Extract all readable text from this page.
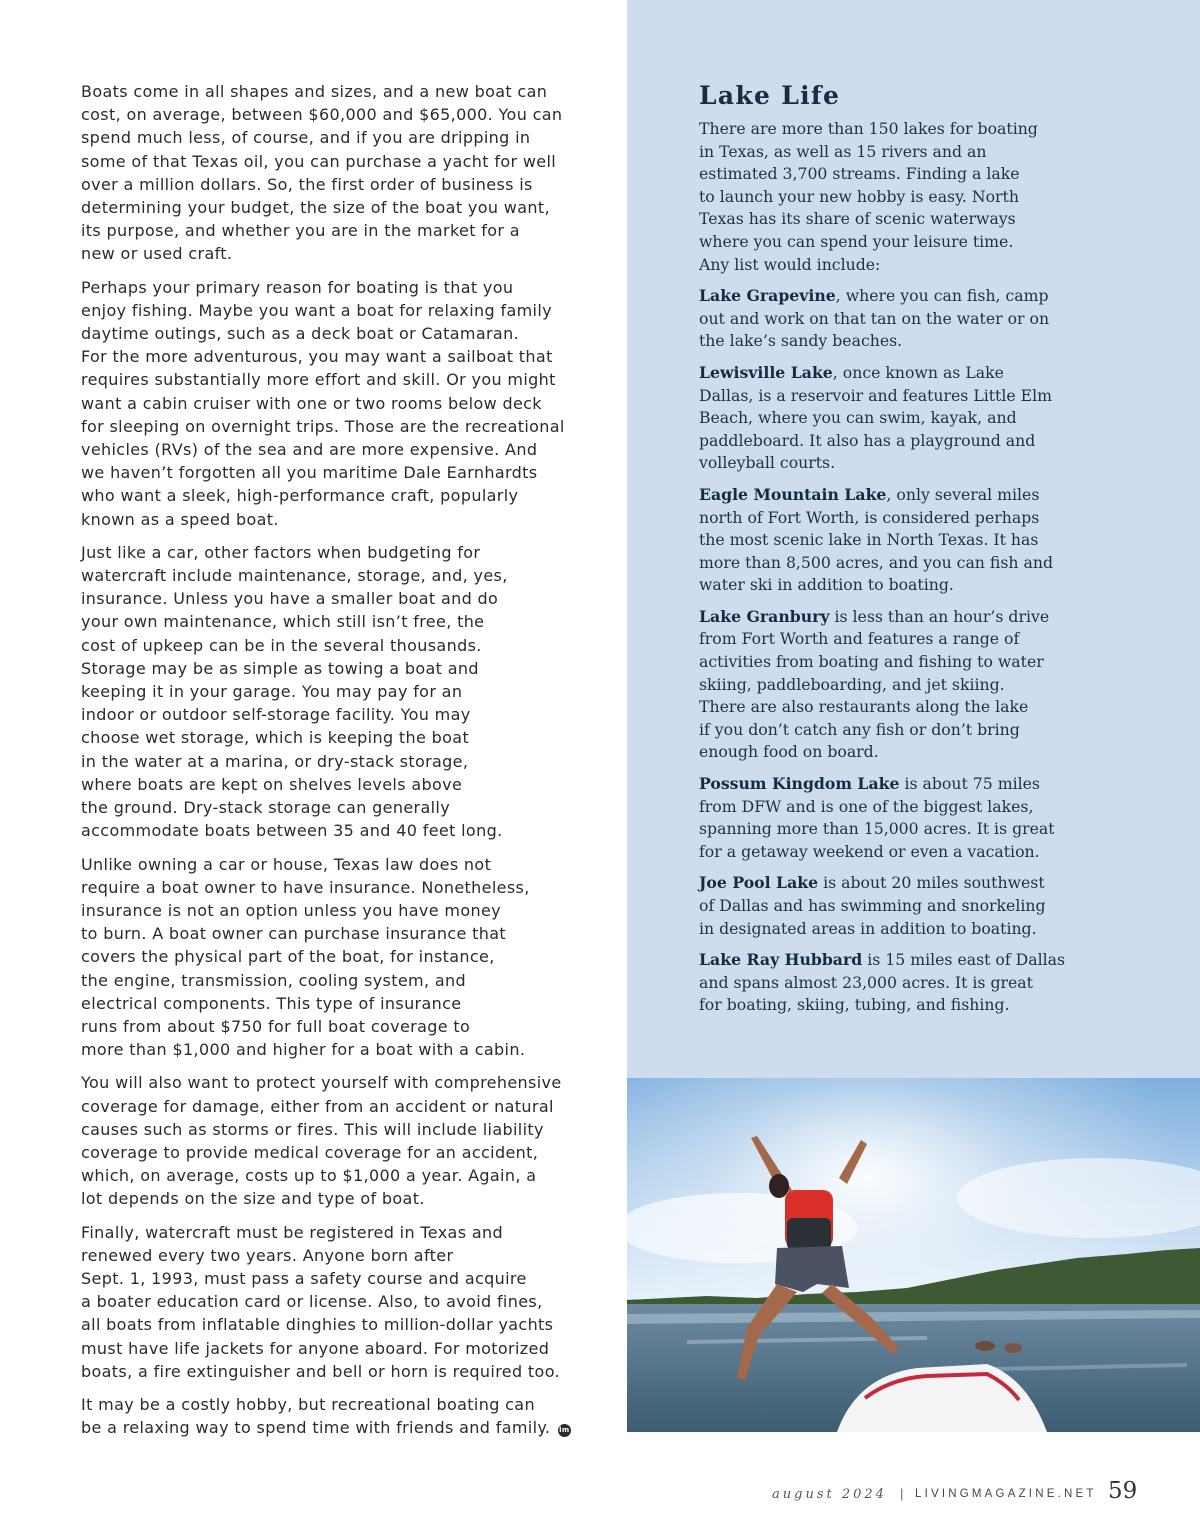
Boats come in all shapes and sizes, and a new boat can
cost, on average, between $60,000 and $65,000. You can
spend much less, of course, and if you are dripping in
some of that Texas oil, you can purchase a yacht for well
over a million dollars. So, the first order of business is
determining your budget, the size of the boat you want,
its purpose, and whether you are in the market for a
new or used craft.

Perhaps your primary reason for boating is that you
enjoy fishing. Maybe you want a boat for relaxing family
daytime outings, such as a deck boat or Catamaran.
For the more adventurous, you may want a sailboat that
requires substantially more effort and skill. Or you might
want a cabin cruiser with one or two rooms below deck
for sleeping on overnight trips. Those are the recreational
vehicles (RVs) of the sea and are more expensive. And
we haven’t forgotten all you maritime Dale Earnhardts
who want a sleek, high-performance craft, popularly
known as a speed boat.

Just like a car, other factors when budgeting for
watercraft include maintenance, storage, and, yes,
insurance. Unless you have a smaller boat and do
your own maintenance, which still isn’t free, the
cost of upkeep can be in the several thousands.
Storage may be as simple as towing a boat and
keeping it in your garage. You may pay for an
indoor or outdoor self-storage facility. You may
choose wet storage, which is keeping the boat
in the water at a marina, or dry-stack storage,
where boats are kept on shelves levels above
the ground. Dry-stack storage can generally
accommodate boats between 35 and 40 feet long.

Unlike owning a car or house, Texas law does not
require a boat owner to have insurance. Nonetheless,
insurance is not an option unless you have money
to burn. A boat owner can purchase insurance that
covers the physical part of the boat, for instance,
the engine, transmission, cooling system, and
electrical components. This type of insurance
runs from about $750 for full boat coverage to
more than $1,000 and higher for a boat with a cabin.

You will also want to protect yourself with comprehensive
coverage for damage, either from an accident or natural
causes such as storms or fires. This will include liability
coverage to provide medical coverage for an accident,
which, on average, costs up to $1,000 a year. Again, a
lot depends on the size and type of boat.

Finally, watercraft must be registered in Texas and
renewed every two years. Anyone born after
Sept. 1, 1993, must pass a safety course and acquire
a boater education card or license. Also, to avoid fines,
all boats from inflatable dinghies to million-dollar yachts
must have life jackets for anyone aboard. For motorized
boats, a fire extinguisher and bell or horn is required too.

It may be a costly hobby, but recreational boating can
be a relaxing way to spend time with friends and family. lm

Lake Life

There are more than 150 lakes for boating
in Texas, as well as 15 rivers and an
estimated 3,700 streams. Finding a lake
to launch your new hobby is easy. North
Texas has its share of scenic waterways
where you can spend your leisure time.
Any list would include:

Lake Grapevine, where you can fish, camp
out and work on that tan on the water or on
the lake’s sandy beaches.

Lewisville Lake, once known as Lake
Dallas, is a reservoir and features Little Elm
Beach, where you can swim, kayak, and
paddleboard. It also has a playground and
volleyball courts.

Eagle Mountain Lake, only several miles
north of Fort Worth, is considered perhaps
the most scenic lake in North Texas. It has
more than 8,500 acres, and you can fish and
water ski in addition to boating.

Lake Granbury is less than an hour’s drive
from Fort Worth and features a range of
activities from boating and fishing to water
skiing, paddleboarding, and jet skiing.
There are also restaurants along the lake
if you don’t catch any fish or don’t bring
enough food on board.

Possum Kingdom Lake is about 75 miles
from DFW and is one of the biggest lakes,
spanning more than 15,000 acres. It is great
for a getaway weekend or even a vacation.

Joe Pool Lake is about 20 miles southwest
of Dallas and has swimming and snorkeling
in designated areas in addition to boating.

Lake Ray Hubbard is 15 miles east of Dallas
and spans almost 23,000 acres. It is great
for boating, skiing, tubing, and fishing.

august 2024 | LIVINGMAGAZINE.NET 59
